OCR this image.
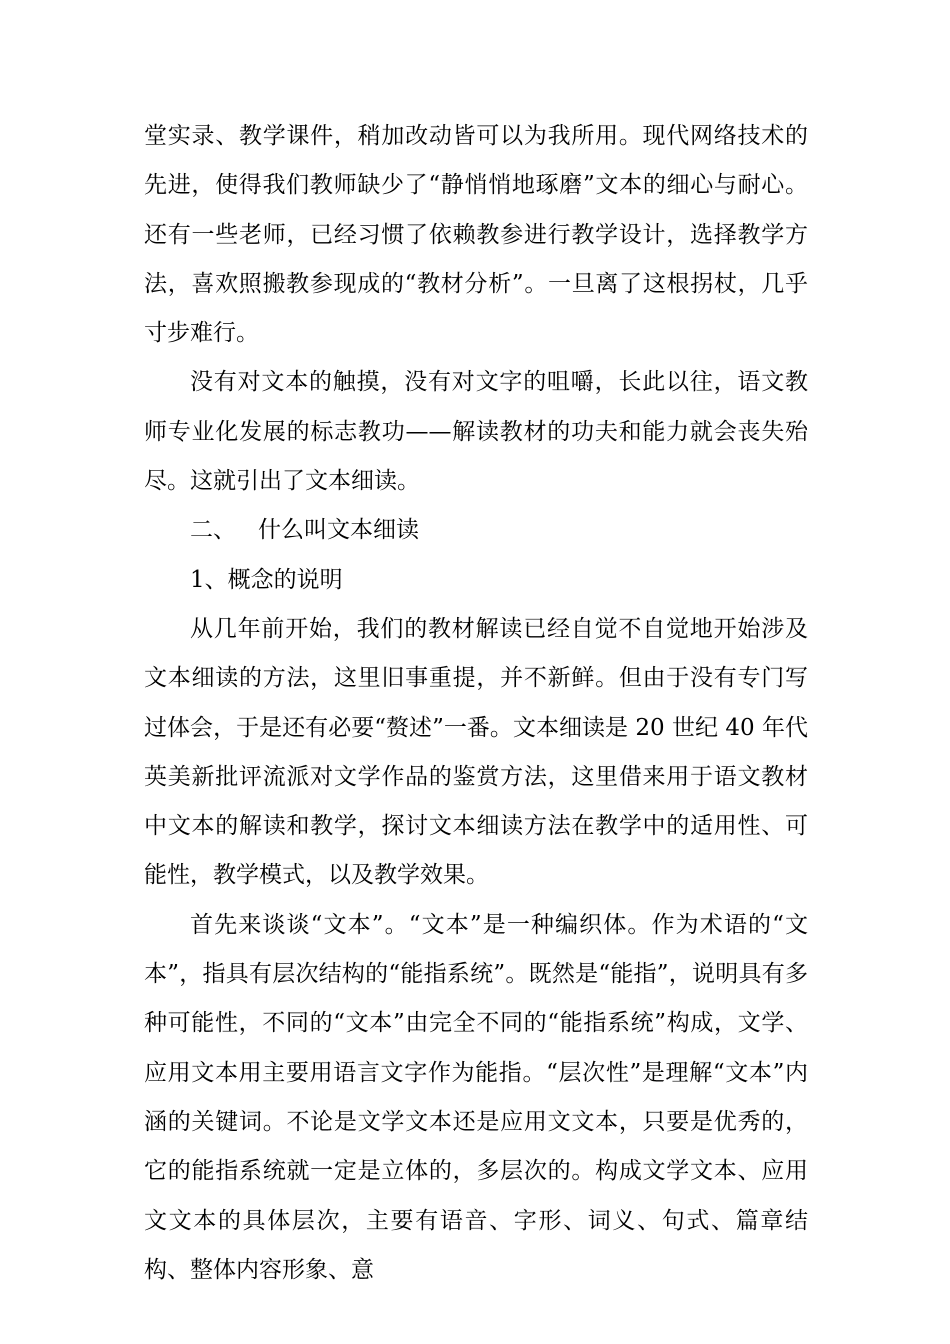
堂实录、教学课件，稍加改动皆可以为我所用。现代网络技术的先进，使得我们教师缺少了“静悄悄地琢磨”文本的细心与耐心。还有一些老师，已经习惯了依赖教参进行教学设计，选择教学方法，喜欢照搬教参现成的“教材分析”。一旦离了这根拐杖，几乎寸步难行。

没有对文本的触摸，没有对文字的咀嚼，长此以往，语文教师专业化发展的标志教功——解读教材的功夫和能力就会丧失殆尽。这就引出了文本细读。

二、 什么叫文本细读

1、概念的说明

从几年前开始，我们的教材解读已经自觉不自觉地开始涉及文本细读的方法，这里旧事重提，并不新鲜。但由于没有专门写过体会，于是还有必要“赘述”一番。文本细读是 20 世纪 40 年代英美新批评流派对文学作品的鉴赏方法，这里借来用于语文教材中文本的解读和教学，探讨文本细读方法在教学中的适用性、可能性，教学模式，以及教学效果。

首先来谈谈“文本”。“文本”是一种编织体。作为术语的“文本”，指具有层次结构的“能指系统”。既然是“能指”，说明具有多种可能性，不同的“文本”由完全不同的“能指系统”构成，文学、应用文本用主要用语言文字作为能指。“层次性”是理解“文本”内涵的关键词。不论是文学文本还是应用文文本，只要是优秀的，它的能指系统就一定是立体的，多层次的。构成文学文本、应用文文本的具体层次，主要有语音、字形、词义、句式、篇章结构、整体内容形象、意
